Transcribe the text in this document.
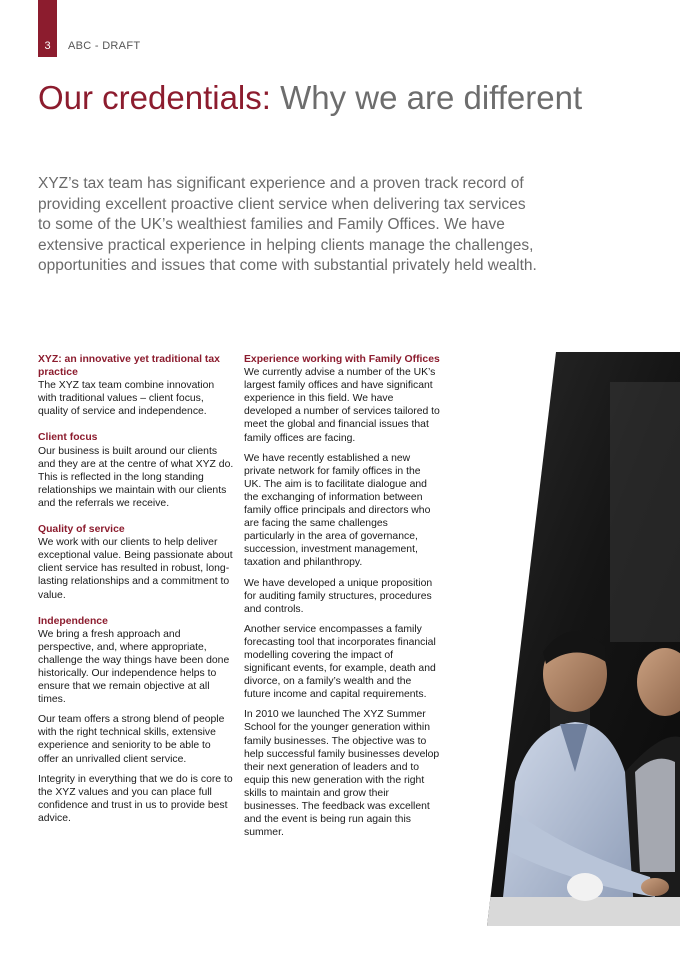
3	ABC - DRAFT
Our credentials: Why we are different

XYZ’s tax team has significant experience and a proven track record of providing excellent proactive client service when delivering tax services to some of the UK’s wealthiest families and Family Offices. We have extensive practical experience in helping clients manage the challenges, opportunities and issues that come with substantial privately held wealth.

XYZ: an innovative yet traditional tax practice

The XYZ tax team combine innovation with traditional values – client focus, quality of service and independence.

Client focus

Our business is built around our clients and they are at the centre of what XYZ do. This is reflected in the long standing relationships we maintain with our clients and the referrals we receive.

Quality of service

We work with our clients to help deliver exceptional value. Being passionate about client service has resulted in robust, long-lasting relationships and a commitment to value.

Independence

We bring a fresh approach and perspective, and, where appropriate, challenge the way things have been done historically. Our independence helps to ensure that we remain objective at all times.

Our team offers a strong blend of people with the right technical skills, extensive experience and seniority to be able to offer an unrivalled client service.

Integrity in everything that we do is core to the XYZ values and you can place full confidence and trust in us to provide best advice.

Experience working with Family Offices

We currently advise a number of the UK’s largest family offices and have significant experience in this field. We have developed a number of services tailored to meet the global and financial issues that family offices are facing.

We have recently established a new private network for family offices in the UK. The aim is to facilitate dialogue and the exchanging of information between family office principals and directors who are facing the same challenges particularly in the area of governance, succession, investment management, taxation and philanthropy.

We have developed a unique proposition for auditing family structures, procedures and controls.

Another service encompasses a family forecasting tool that incorporates financial modelling covering the impact of significant events, for example, death and divorce, on a family’s wealth and the future income and capital requirements.

In 2010 we launched The XYZ Summer School for the younger generation within family businesses. The objective was to help successful family businesses develop their next generation of leaders and to equip this new generation with the right skills to maintain and grow their businesses. The feedback was excellent and the event is being run again this summer.
